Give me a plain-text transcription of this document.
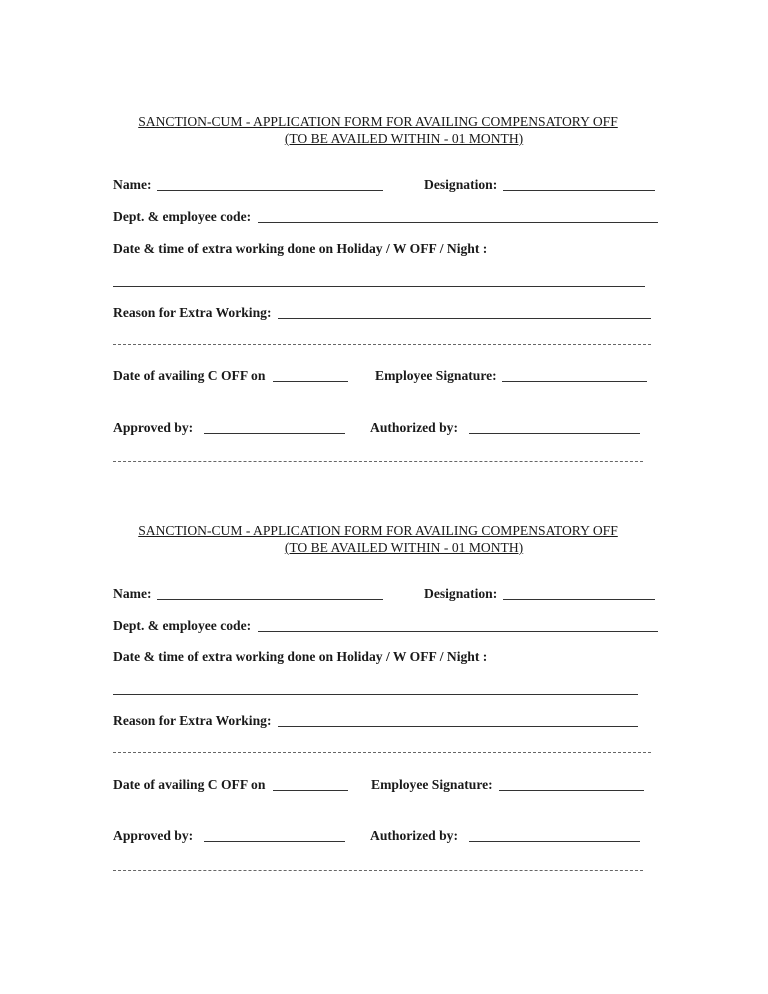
SANCTION-CUM - APPLICATION FORM FOR AVAILING COMPENSATORY OFF
(TO BE AVAILED WITHIN - 01 MONTH)
Name:	Designation:
Dept. & employee code:
Date & time of extra working done on Holiday / W OFF / Night :
Reason for Extra Working:
Date of availing C OFF on	Employee Signature:
Approved by:	Authorized by:
SANCTION-CUM - APPLICATION FORM FOR AVAILING COMPENSATORY OFF
(TO BE AVAILED WITHIN - 01 MONTH)
Name:	Designation:
Dept. & employee code:
Date & time of extra working done on Holiday / W OFF / Night :
Reason for Extra Working:
Date of availing C OFF on	Employee Signature:
Approved by:	Authorized by:
